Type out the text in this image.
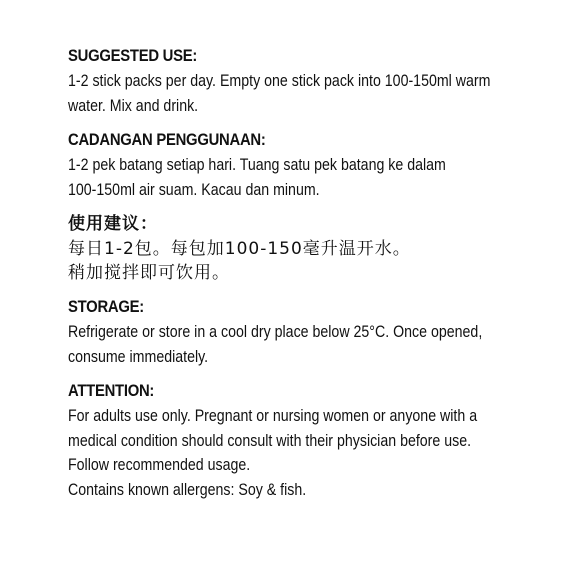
SUGGESTED USE:

1-2 stick packs per day. Empty one stick pack into 100-150ml warm

water. Mix and drink.

CADANGAN PENGGUNAAN:

1-2 pek batang setiap hari. Tuang satu pek batang ke dalam

100-150ml air suam. Kacau dan minum.

使用建议：

每日1-2包。每包加100-150毫升温开水。

稍加搅拌即可饮用。

STORAGE:

Refrigerate or store in a cool dry place below 25°C. Once opened,

consume immediately.

ATTENTION:

For adults use only. Pregnant or nursing women or anyone with a

medical condition should consult with their physician before use.

Follow recommended usage.

Contains known allergens: Soy & fish.
